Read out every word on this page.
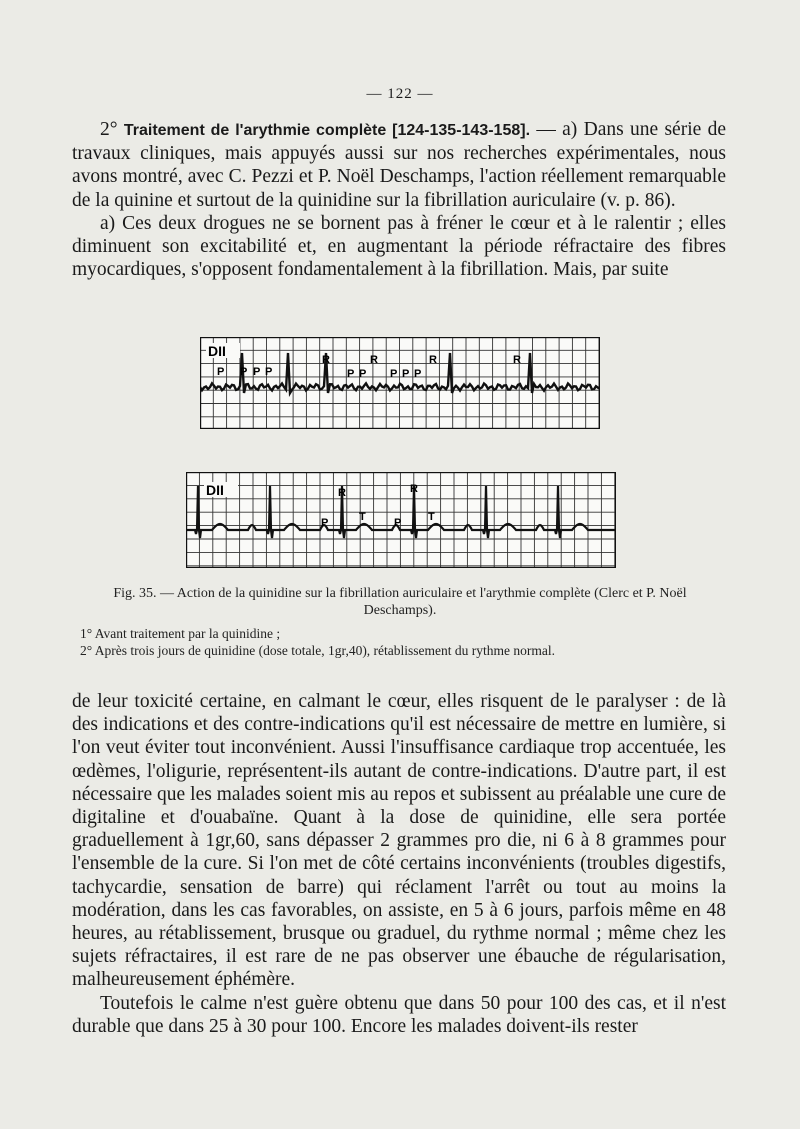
— 122 —

2° Traitement de l'arythmie complète [124-135-143-158]. — a) Dans une série de travaux cliniques, mais appuyés aussi sur nos recherches expérimentales, nous avons montré, avec C. Pezzi et P. Noël Deschamps, l'action réellement remarquable de la quinine et surtout de la quinidine sur la fibrillation auriculaire (v. p. 86).

a) Ces deux drogues ne se bornent pas à fréner le cœur et à le ralentir ; elles diminuent son excitabilité et, en augmentant la période réfractaire des fibres myocardiques, s'opposent fondamentalement à la fibrillation. Mais, par suite

DII
P P P P
R	R
P P P P P
R	R
DII	R	R
P	T	P T
Fig. 35. — Action de la quinidine sur la fibrillation auriculaire et l'arythmie complète (Clerc et P. Noël Deschamps).
1° Avant traitement par la quinidine ;
2° Après trois jours de quinidine (dose totale, 1gr,40), rétablissement du rythme normal.

de leur toxicité certaine, en calmant le cœur, elles risquent de le paralyser : de là des indications et des contre-indications qu'il est nécessaire de mettre en lumière, si l'on veut éviter tout inconvénient. Aussi l'insuffisance cardiaque trop accentuée, les œdèmes, l'oligurie, représentent-ils autant de contre-indications. D'autre part, il est nécessaire que les malades soient mis au repos et subissent au préalable une cure de digitaline et d'ouabaïne. Quant à la dose de quinidine, elle sera portée graduellement à 1gr,60, sans dépasser 2 grammes pro die, ni 6 à 8 grammes pour l'ensemble de la cure. Si l'on met de côté certains inconvénients (troubles digestifs, tachycardie, sensation de barre) qui réclament l'arrêt ou tout au moins la modération, dans les cas favorables, on assiste, en 5 à 6 jours, parfois même en 48 heures, au rétablissement, brusque ou graduel, du rythme normal ; même chez les sujets réfractaires, il est rare de ne pas observer une ébauche de régularisation, malheureusement éphémère.

Toutefois le calme n'est guère obtenu que dans 50 pour 100 des cas, et il n'est durable que dans 25 à 30 pour 100. Encore les malades doivent-ils rester
